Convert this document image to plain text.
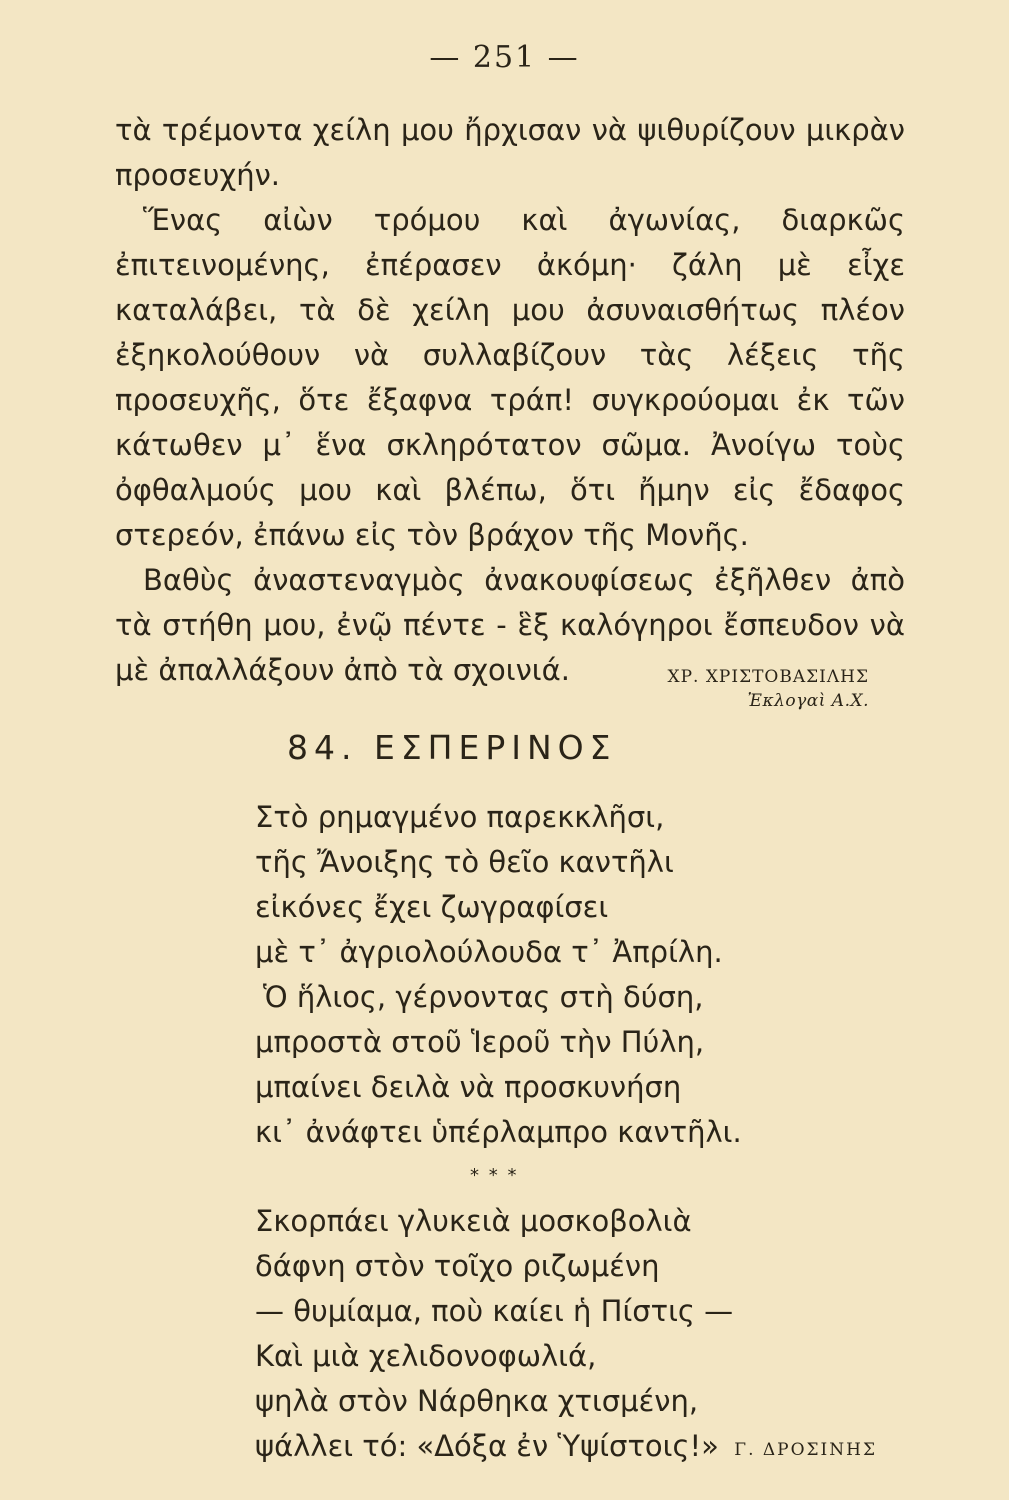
— 251 —

τὰ τρέμοντα χείλη μου ἤρχισαν νὰ ψιθυρίζουν μικρὰν προσευχήν.

Ἕνας αἰὼν τρόμου καὶ ἀγωνίας, διαρκῶς ἐπιτεινομένης, ἐπέρασεν ἀκόμη· ζάλη μὲ εἶχε καταλάβει, τὰ δὲ χείλη μου ἀσυναισθήτως πλέον ἐξηκολούθουν νὰ συλλαβίζουν τὰς λέξεις τῆς προσευχῆς, ὅτε ἔξαφνα τράπ! συγκρούομαι ἐκ τῶν κάτωθεν μ᾽ ἕνα σκληρότατον σῶμα. Ἀνοίγω τοὺς ὀφθαλμούς μου καὶ βλέπω, ὅτι ἤμην εἰς ἔδαφος στερεόν, ἐπάνω εἰς τὸν βράχον τῆς Μονῆς.

Βαθὺς ἀναστεναγμὸς ἀνακουφίσεως ἐξῆλθεν ἀπὸ τὰ στήθη μου, ἐνῷ πέντε - ἓξ καλόγηροι ἔσπευδον νὰ μὲ ἀπαλλάξουν ἀπὸ τὰ σχοινιά.	ΧΡ. ΧΡΙΣΤΟΒΑΣΙΛΗΣ
Ἐκλογαὶ Α.Χ.
84. ΕΣΠΕΡΙΝΟΣ
Στὸ ρημαγμένο παρεκκλῆσι,
τῆς Ἄνοιξης τὸ θεῖο καντῆλι
εἰκόνες ἔχει ζωγραφίσει
μὲ τ᾽ ἀγριολούλουδα τ᾽ Ἀπρίλη.
Ὁ ἥλιος, γέρνοντας στὴ δύση,
μπροστὰ στοῦ Ἱεροῦ τὴν Πύλη,
μπαίνει δειλὰ νὰ προσκυνήση
κι᾽ ἀνάφτει ὑπέρλαμπρο καντῆλι.
* * *
Σκορπάει γλυκειὰ μοσκοβολιὰ
δάφνη στὸν τοῖχο ριζωμένη
— θυμίαμα, ποὺ καίει ἡ Πίστις —
Καὶ μιὰ χελιδονοφωλιά,
ψηλὰ στὸν Νάρθηκα χτισμένη,
ψάλλει τό: «Δόξα ἐν Ὑψίστοις!» Γ. ΔΡΟΣΙΝΗΣ
